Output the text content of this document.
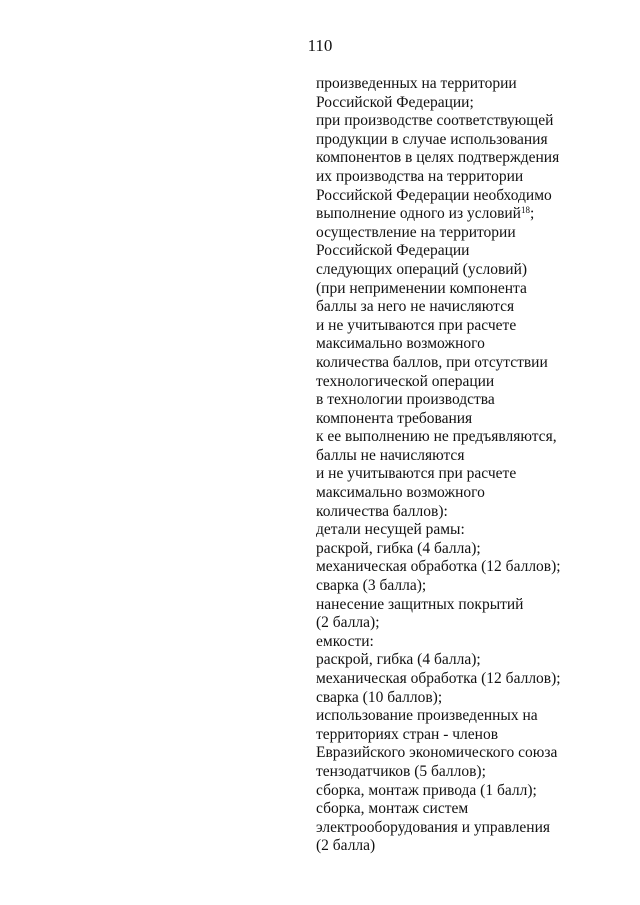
110
произведенных на территории
Российской Федерации;
при производстве соответствующей
продукции в случае использования
компонентов в целях подтверждения
их производства на территории
Российской Федерации необходимо
выполнение одного из условий$^{18}$;
осуществление на территории
Российской Федерации
следующих операций (условий)
(при неприменении компонента
баллы за него не начисляются
и не учитываются при расчете
максимально возможного
количества баллов, при отсутствии
технологической операции
в технологии производства
компонента требования
к ее выполнению не предъявляются,
баллы не начисляются
и не учитываются при расчете
максимально возможного
количества баллов):
детали несущей рамы:
раскрой, гибка (4 балла);
механическая обработка (12 баллов);
сварка (3 балла);
нанесение защитных покрытий
(2 балла);
емкости:
раскрой, гибка (4 балла);
механическая обработка (12 баллов);
сварка (10 баллов);
использование произведенных на
территориях стран - членов
Евразийского экономического союза
тензодатчиков (5 баллов);
сборка, монтаж привода (1 балл);
сборка, монтаж систем
электрооборудования и управления
(2 балла)
